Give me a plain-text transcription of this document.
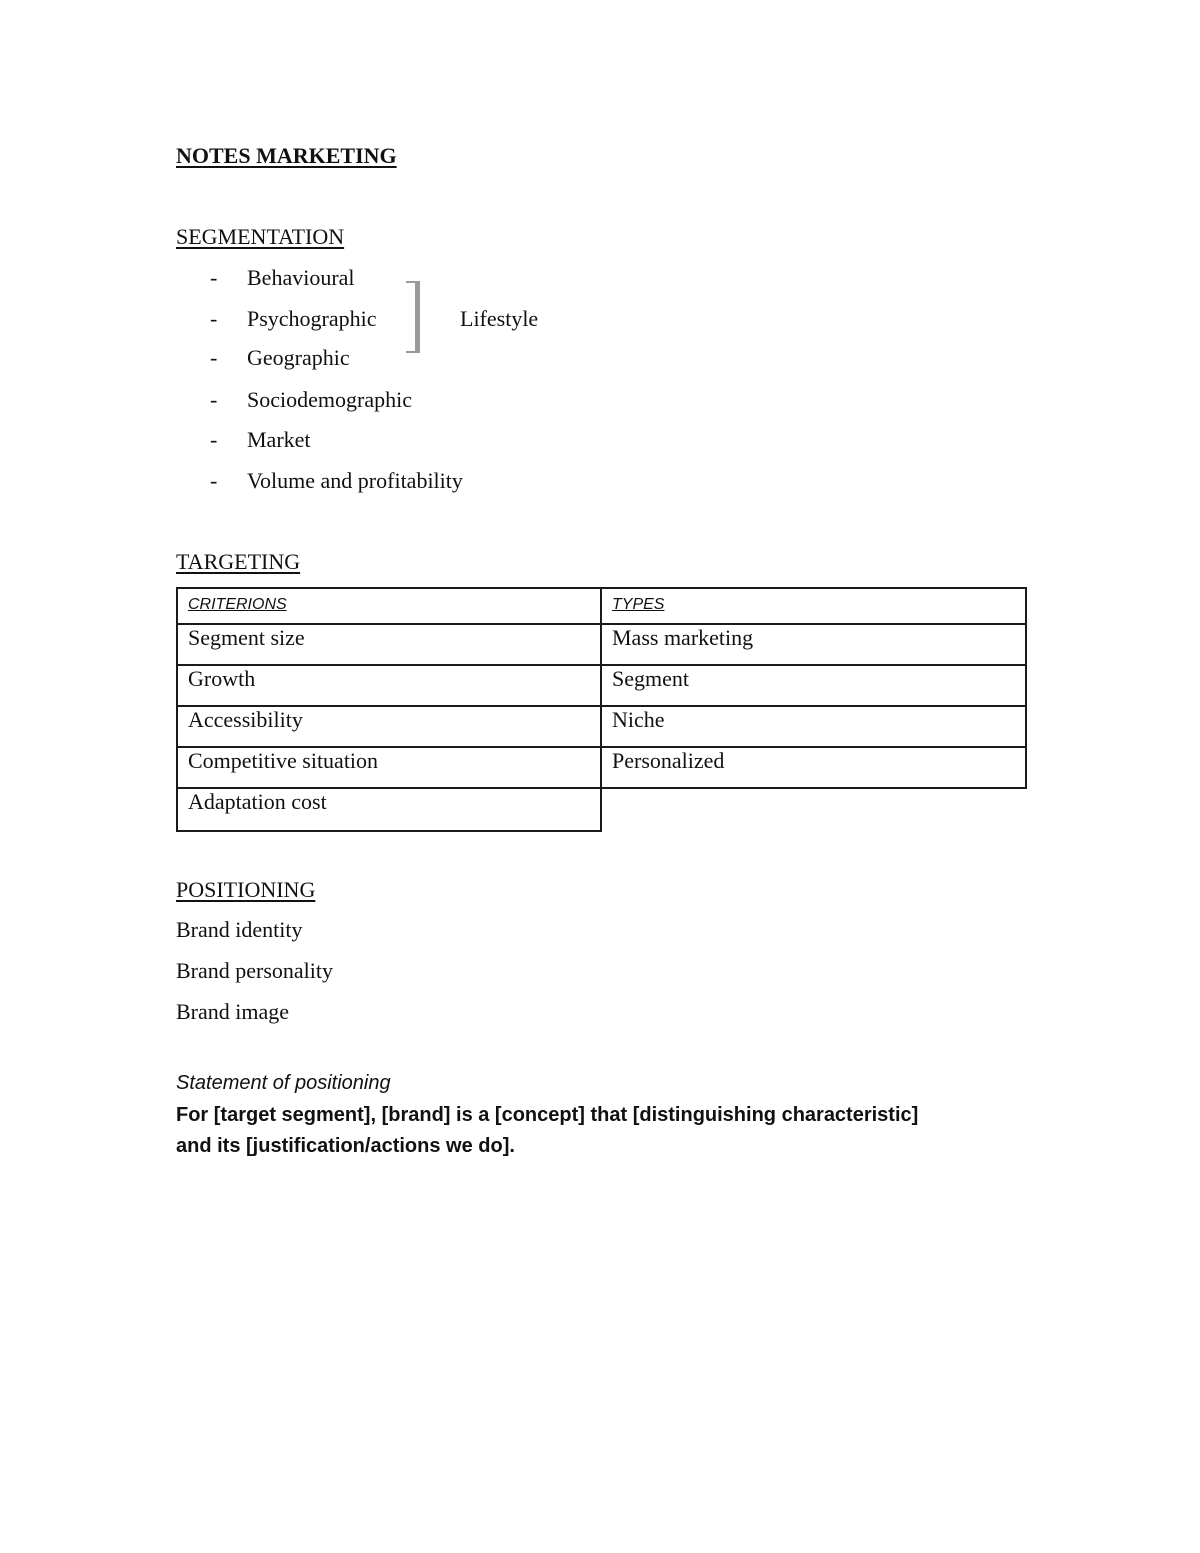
NOTES MARKETING
SEGMENTATION
- Behavioural
- Psychographic
- Geographic
- Sociodemographic
- Market
- Volume and profitability
Lifestyle
TARGETING
CRITERIONS	TYPES
Segment size	Mass marketing
Growth	Segment
Accessibility	Niche
Competitive situation	Personalized
Adaptation cost	
POSITIONING
Brand identity
Brand personality
Brand image
Statement of positioning
For [target segment], [brand] is a [concept] that [distinguishing characteristic]
and its [justification/actions we do].
